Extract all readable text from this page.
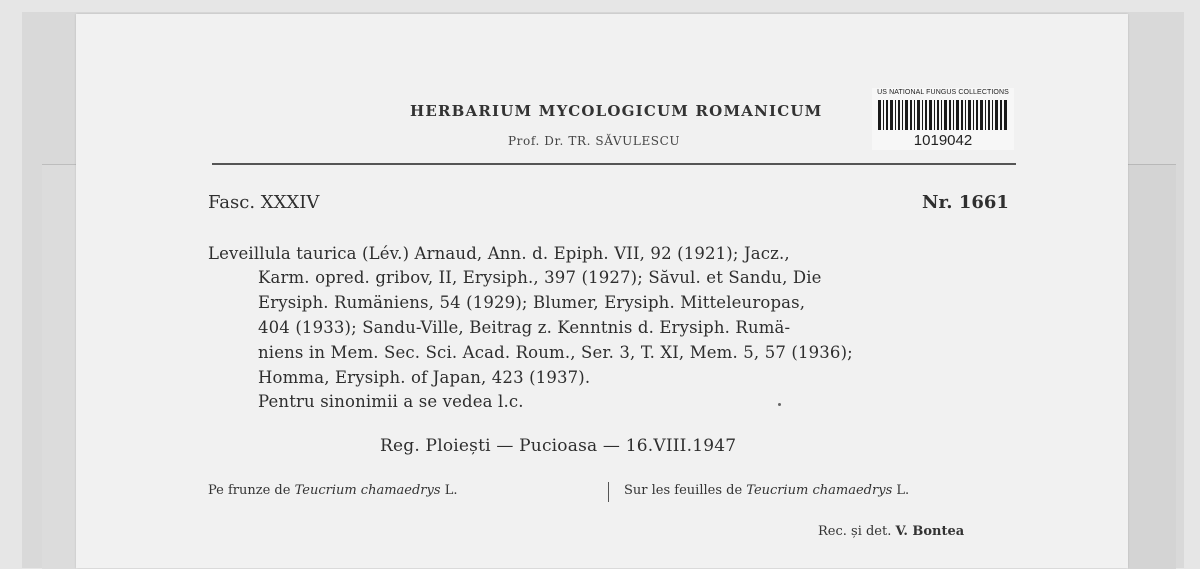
HERBARIUM MYCOLOGICUM ROMANICUM
Prof. Dr. TR. SĂVULESCU
US NATIONAL FUNGUS COLLECTIONS
1019042
Fasc. XXXIV	Nr. 1661
Leveillula taurica (Lév.) Arnaud, Ann. d. Epiph. VII, 92 (1921); Jacz.,
Karm. opred. gribov, II, Erysiph., 397 (1927); Săvul. et Sandu, Die
Erysiph. Rumäniens, 54 (1929); Blumer, Erysiph. Mitteleuropas,
404 (1933); Sandu-Ville, Beitrag z. Kenntnis d. Erysiph. Rumä-
niens in Mem. Sec. Sci. Acad. Roum., Ser. 3, T. XI, Mem. 5, 57 (1936);
Homma, Erysiph. of Japan, 423 (1937).
Pentru sinonimii a se vedea l.c.
Reg. Ploiești — Pucioasa — 16.VIII.1947
Pe frunze de Teucrium chamaedrys L.	Sur les feuilles de Teucrium chamaedrys L.
Rec. și det. V. Bontea
